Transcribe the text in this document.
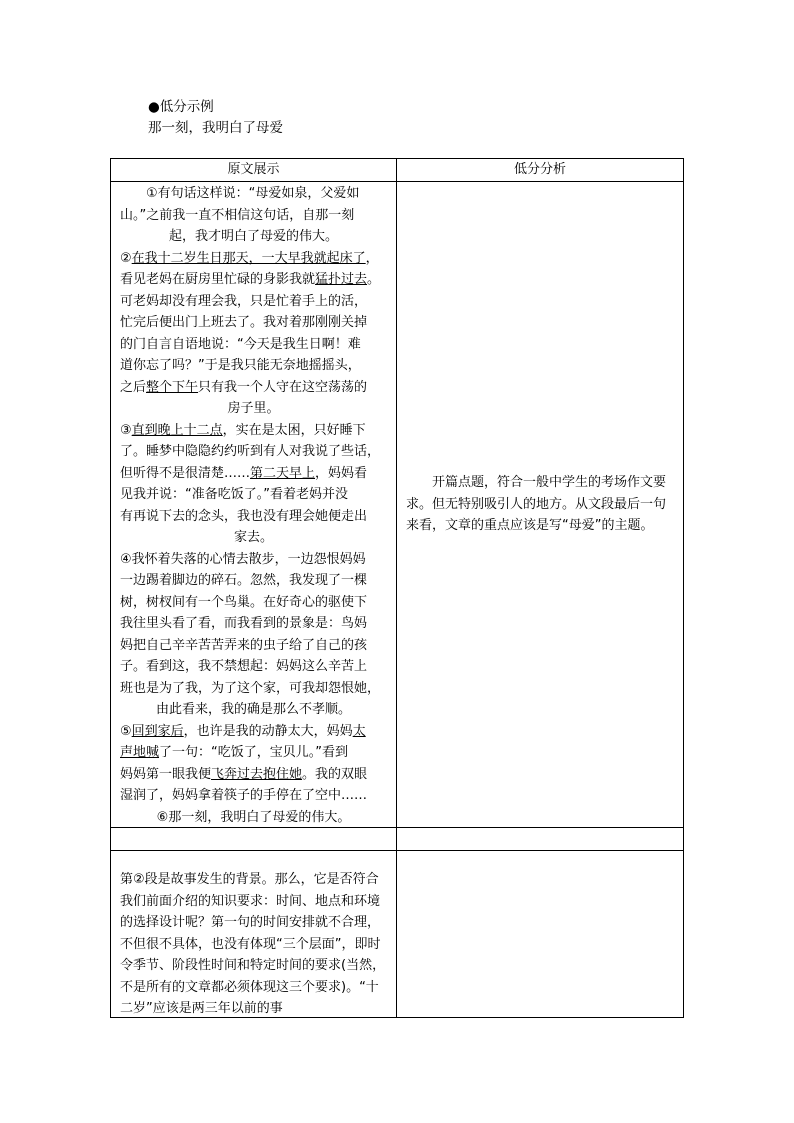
●低分示例
那一刻，我明白了母爱
原文展示	低分分析

①有句话这样说：“母爱如泉，父爱如
山。”之前我一直不相信这句话，自那一刻

起，我才明白了母爱的伟大。

②在我十二岁生日那天，一大早我就起床了，

看见老妈在厨房里忙碌的身影我就猛扑过去。

可老妈却没有理会我，只是忙着手上的活，

忙完后便出门上班去了。我对着那刚刚关掉

的门自言自语地说：“今天是我生日啊！难

道你忘了吗？”于是我只能无奈地摇摇头，

之后整个下午只有我一个人守在这空荡荡的

房子里。

③直到晚上十二点，实在是太困，只好睡下

了。睡梦中隐隐约约听到有人对我说了些话，

但听得不是很清楚……第二天早上，妈妈看

见我并说：“准备吃饭了。”看着老妈并没

有再说下去的念头，我也没有理会她便走出

家去。

④我怀着失落的心情去散步，一边怨恨妈妈

一边踢着脚边的碎石。忽然，我发现了一棵

树，树杈间有一个鸟巢。在好奇心的驱使下

我往里头看了看，而我看到的景象是：鸟妈

妈把自己辛辛苦苦弄来的虫子给了自己的孩

子。看到这，我不禁想起：妈妈这么辛苦上

班也是为了我，为了这个家，可我却怨恨她，

由此看来，我的确是那么不孝顺。

⑤回到家后，也许是我的动静太大，妈妈太

声地喊了一句：“吃饭了，宝贝儿。”看到

妈妈第一眼我便飞奔过去抱住她。我的双眼

湿润了，妈妈拿着筷子的手停在了空中……

⑥那一刻，我明白了母爱的伟大。

开篇点题，符合一般中学生的考场作文要求。但无特别吸引人的地方。从文段最后一句来看，文章的重点应该是写“母爱”的主题。

第②段是故事发生的背景。那么，它是否符合我们前面介绍的知识要求：时间、地点和环境的选择设计呢？第一句的时间安排就不合理，不但很不具体，也没有体现“三个层面”，即时令季节、阶段性时间和特定时间的要求(当然，不是所有的文章都必须体现这三个要求)。“十二岁”应该是两三年以前的事
